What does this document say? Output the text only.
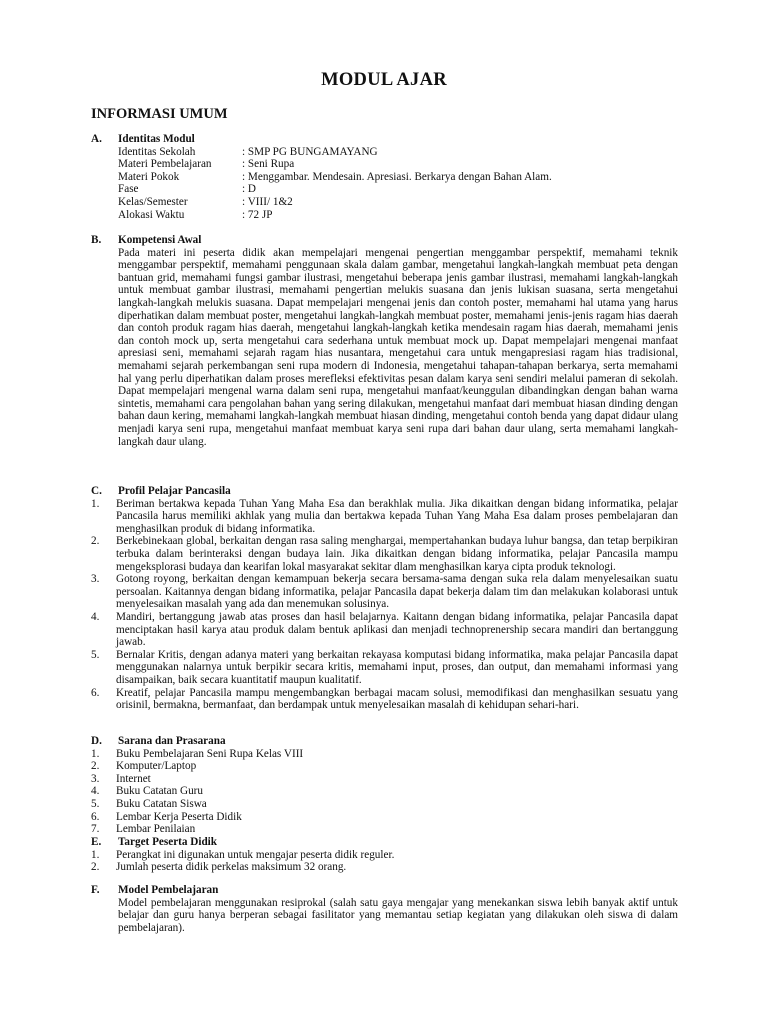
MODUL AJAR
INFORMASI UMUM
A.	Identitas Modul
Identitas Sekolah	: SMP PG BUNGAMAYANG
Materi Pembelajaran	: Seni Rupa
Materi Pokok	: Menggambar. Mendesain. Apresiasi. Berkarya dengan Bahan Alam.
Fase	: D
Kelas/Semester	: VIII/ 1&2
Alokasi Waktu	: 72 JP
B.	Kompetensi Awal
Pada materi ini peserta didik akan mempelajari mengenai pengertian menggambar perspektif, memahami teknik menggambar perspektif, memahami penggunaan skala dalam gambar, mengetahui langkah-langkah membuat peta dengan bantuan grid, memahami fungsi gambar ilustrasi, mengetahui beberapa jenis gambar ilustrasi, memahami langkah-langkah untuk membuat gambar ilustrasi, memahami pengertian melukis suasana dan jenis lukisan suasana, serta mengetahui langkah-langkah melukis suasana. Dapat mempelajari mengenai jenis dan contoh poster, memahami hal utama yang harus diperhatikan dalam membuat poster, mengetahui langkah-langkah membuat poster, memahami jenis-jenis ragam hias daerah dan contoh produk ragam hias daerah, mengetahui langkah-langkah ketika mendesain ragam hias daerah, memahami jenis dan contoh mock up, serta mengetahui cara sederhana untuk membuat mock up. Dapat mempelajari mengenai manfaat apresiasi seni, memahami sejarah ragam hias nusantara, mengetahui cara untuk mengapresiasi ragam hias tradisional, memahami sejarah perkembangan seni rupa modern di Indonesia, mengetahui tahapan-tahapan berkarya, serta memahami hal yang perlu diperhatikan dalam proses merefleksi efektivitas pesan dalam karya seni sendiri melalui pameran di sekolah. Dapat mempelajari mengenal warna dalam seni rupa, mengetahui manfaat/keunggulan dibandingkan dengan bahan warna sintetis, memahami cara pengolahan bahan yang sering dilakukan, mengetahui manfaat dari membuat hiasan dinding dengan bahan daun kering, memahami langkah-langkah membuat hiasan dinding, mengetahui contoh benda yang dapat didaur ulang menjadi karya seni rupa, mengetahui manfaat membuat karya seni rupa dari bahan daur ulang, serta memahami langkah-langkah daur ulang.
C.	Profil Pelajar Pancasila
1.	Beriman bertakwa kepada Tuhan Yang Maha Esa dan berakhlak mulia. Jika dikaitkan dengan bidang informatika, pelajar Pancasila harus memiliki akhlak yang mulia dan bertakwa kepada Tuhan Yang Maha Esa dalam proses pembelajaran dan menghasilkan produk di bidang informatika.
2.	Berkebinekaan global, berkaitan dengan rasa saling menghargai, mempertahankan budaya luhur bangsa, dan tetap berpikiran terbuka dalam berinteraksi dengan budaya lain. Jika dikaitkan dengan bidang informatika, pelajar Pancasila mampu mengeksplorasi budaya dan kearifan lokal masyarakat sekitar dlam menghasilkan karya cipta produk teknologi.
3.	Gotong royong, berkaitan dengan kemampuan bekerja secara bersama-sama dengan suka rela dalam menyelesaikan suatu persoalan. Kaitannya dengan bidang informatika, pelajar Pancasila dapat bekerja dalam tim dan melakukan kolaborasi untuk menyelesaikan masalah yang ada dan menemukan solusinya.
4.	Mandiri, bertanggung jawab atas proses dan hasil belajarnya. Kaitann dengan bidang informatika, pelajar Pancasila dapat menciptakan hasil karya atau produk dalam bentuk aplikasi dan menjadi technoprenership secara mandiri dan bertanggung jawab.
5.	Bernalar Kritis, dengan adanya materi yang berkaitan rekayasa komputasi bidang informatika, maka pelajar Pancasila dapat menggunakan nalarnya untuk berpikir secara kritis, memahami input, proses, dan output, dan memahami informasi yang disampaikan, baik secara kuantitatif maupun kualitatif.
6.	Kreatif, pelajar Pancasila mampu mengembangkan berbagai macam solusi, memodifikasi dan menghasilkan sesuatu yang orisinil, bermakna, bermanfaat, dan berdampak untuk menyelesaikan masalah di kehidupan sehari-hari.
D.	Sarana dan Prasarana
1.	Buku Pembelajaran Seni Rupa Kelas VIII
2.	Komputer/Laptop
3.	Internet
4.	Buku Catatan Guru
5.	Buku Catatan Siswa
6.	Lembar Kerja Peserta Didik
7.	Lembar Penilaian
E.	Target Peserta Didik
1.	Perangkat ini digunakan untuk mengajar peserta didik reguler.
2.	Jumlah peserta didik perkelas maksimum 32 orang.
F.	Model Pembelajaran
Model pembelajaran menggunakan resiprokal (salah satu gaya mengajar yang menekankan siswa lebih banyak aktif untuk belajar dan guru hanya berperan sebagai fasilitator yang memantau setiap kegiatan yang dilakukan oleh siswa di dalam pembelajaran).
